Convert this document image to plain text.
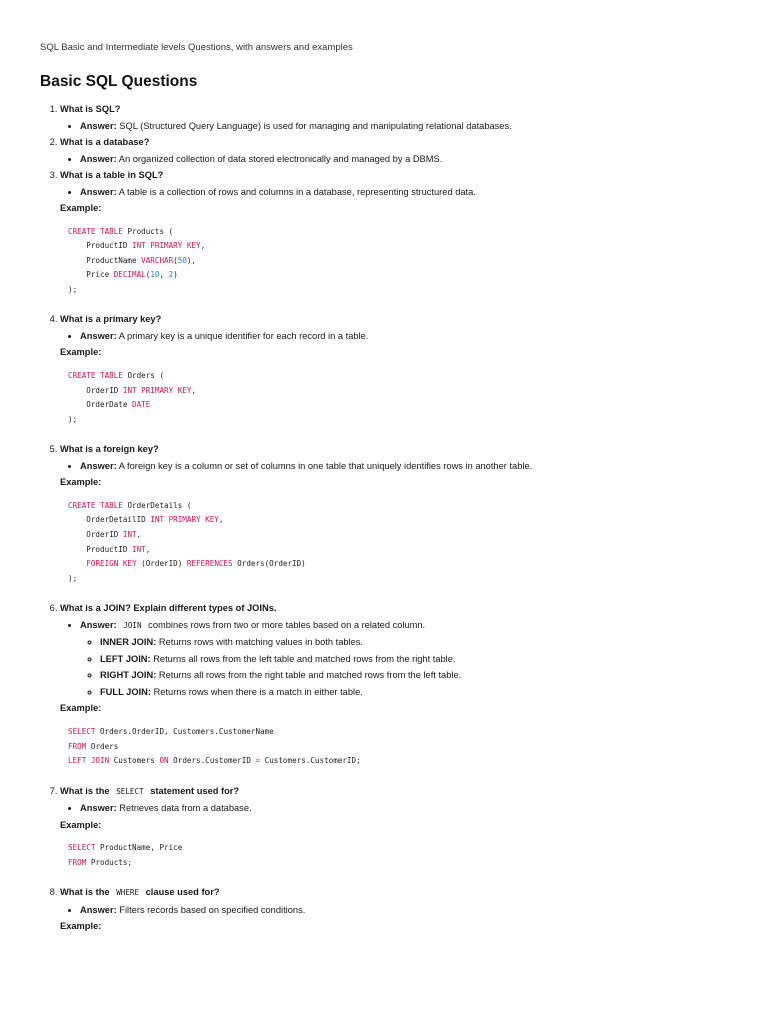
SQL Basic and Intermediate levels Questions, with answers and examples
Basic SQL Questions
1. What is SQL?
• Answer: SQL (Structured Query Language) is used for managing and manipulating relational databases.
2. What is a database?
• Answer: An organized collection of data stored electronically and managed by a DBMS.
3. What is a table in SQL?
• Answer: A table is a collection of rows and columns in a database, representing structured data.
Example:
CREATE TABLE Products (
ProductID INT PRIMARY KEY,
ProductName VARCHAR(50),
Price DECIMAL(10, 2)
);
4. What is a primary key?
• Answer: A primary key is a unique identifier for each record in a table.
Example:
CREATE TABLE Orders (
OrderID INT PRIMARY KEY,
OrderDate DATE
);
5. What is a foreign key?
• Answer: A foreign key is a column or set of columns in one table that uniquely identifies rows in another table.
Example:
CREATE TABLE OrderDetails (
OrderDetailID INT PRIMARY KEY,
OrderID INT,
ProductID INT,
FOREIGN KEY (OrderID) REFERENCES Orders(OrderID)
);
6. What is a JOIN? Explain different types of JOINs.
• Answer: JOIN combines rows from two or more tables based on a related column.
◦ INNER JOIN: Returns rows with matching values in both tables.
◦ LEFT JOIN: Returns all rows from the left table and matched rows from the right table.
◦ RIGHT JOIN: Returns all rows from the right table and matched rows from the left table.
◦ FULL JOIN: Returns rows when there is a match in either table.
Example:
SELECT Orders.OrderID, Customers.CustomerName
FROM Orders
LEFT JOIN Customers ON Orders.CustomerID = Customers.CustomerID;
7. What is the SELECT statement used for?
• Answer: Retrieves data from a database.
Example:
SELECT ProductName, Price
FROM Products;
8. What is the WHERE clause used for?
• Answer: Filters records based on specified conditions.
Example:
